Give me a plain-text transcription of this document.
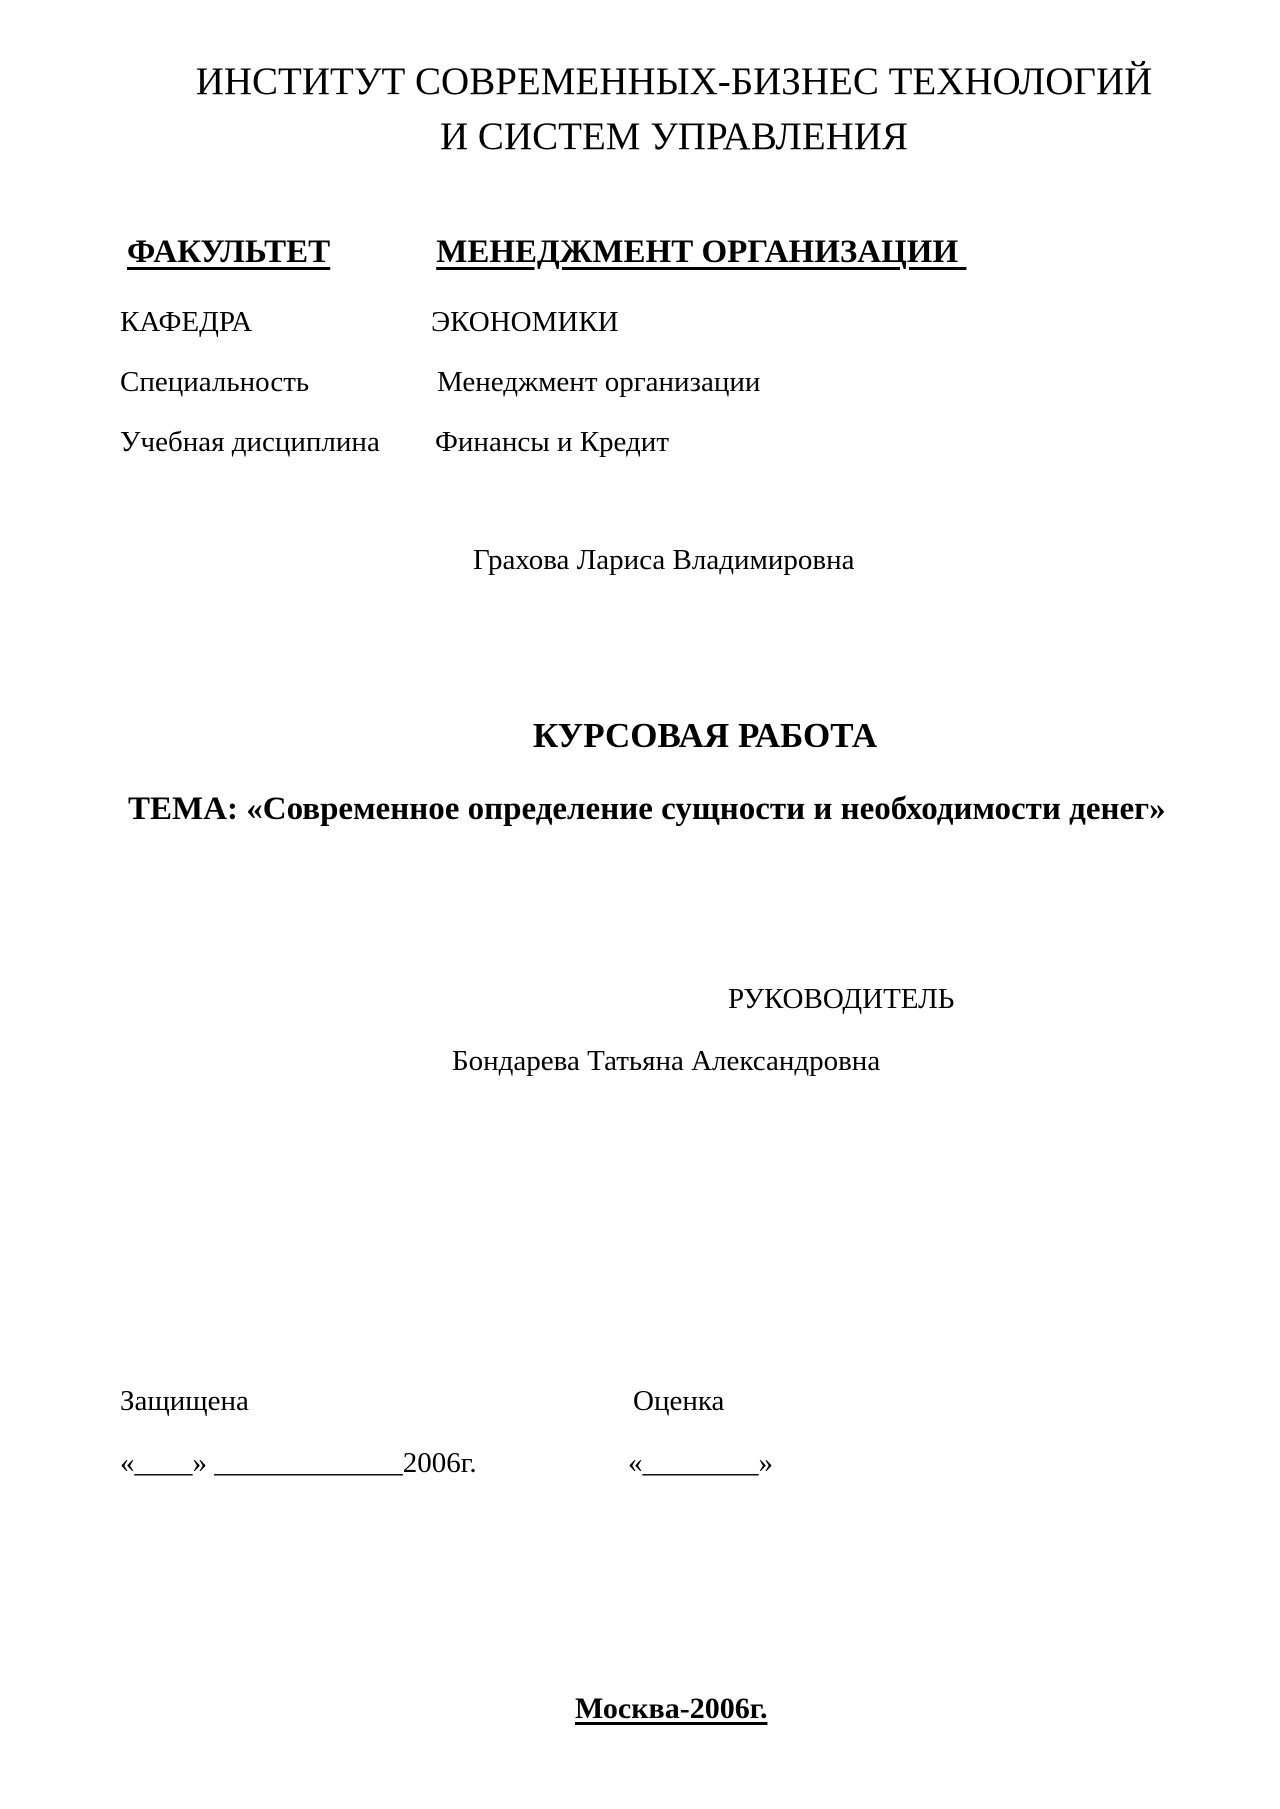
ИНСТИТУТ СОВРЕМЕННЫХ-БИЗНЕС ТЕХНОЛОГИЙ
И СИСТЕМ УПРАВЛЕНИЯ
ФАКУЛЬТЕТ	МЕНЕДЖМЕНТ ОРГАНИЗАЦИИ
КАФЕДРА	ЭКОНОМИКИ
Специальность	Менеджмент организации
Учебная дисциплина Финансы и Кредит
Грахова Лариса Владимировна
КУРСОВАЯ РАБОТА
ТЕМА: «Современное определение сущности и необходимости денег»
РУКОВОДИТЕЛЬ
Бондарева Татьяна Александровна
Защищена	Оценка
«____» _____________2006г.	«________»
Москва-2006г.
